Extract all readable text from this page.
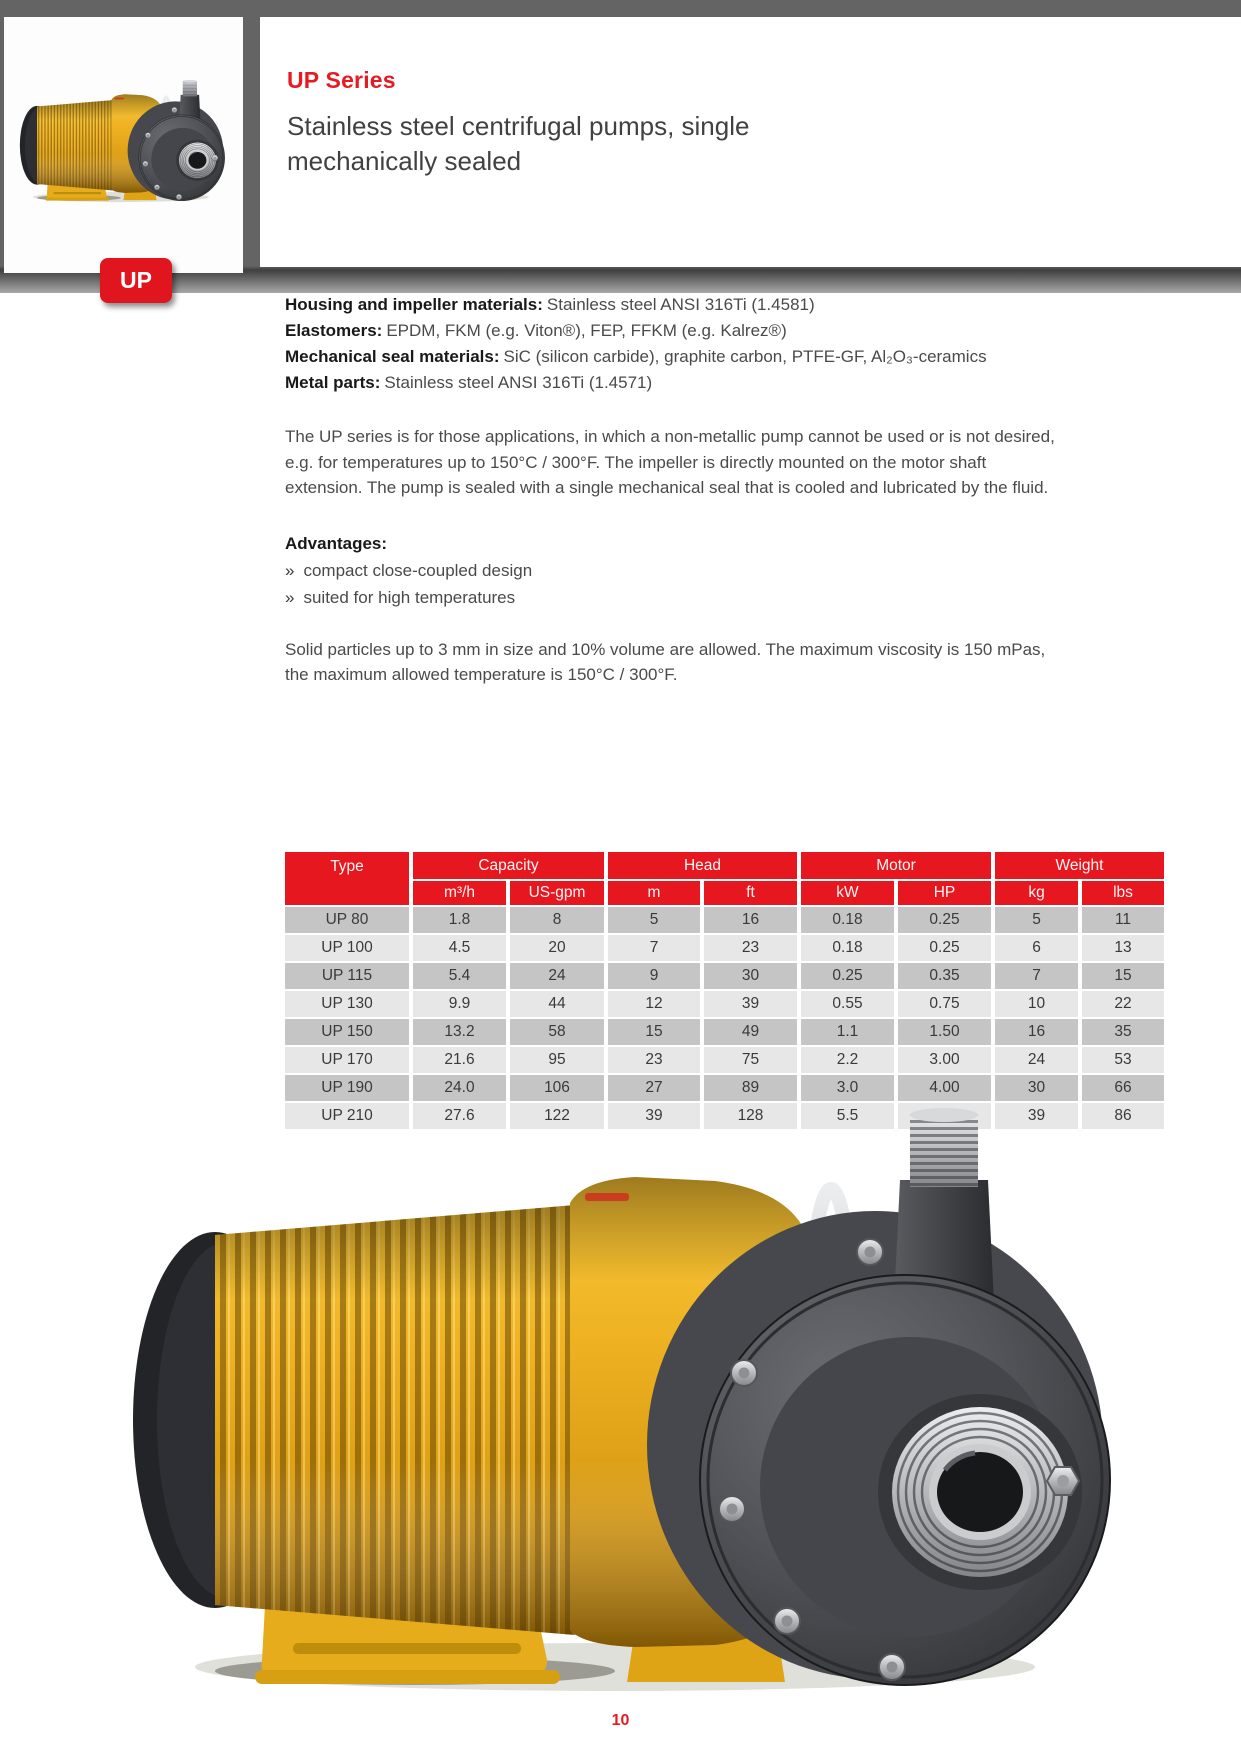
UP Series
Stainless steel centrifugal pumps, single
mechanically sealed
UP

Housing and impeller materials: Stainless steel ANSI 316Ti (1.4581)

Elastomers: EPDM, FKM (e.g. Viton®), FEP, FFKM (e.g. Kalrez®)

Mechanical seal materials: SiC (silicon carbide), graphite carbon, PTFE-GF, Al₂O₃-ceramics

Metal parts: Stainless steel ANSI 316Ti (1.4571)

The UP series is for those applications, in which a non-metallic pump cannot be used or is not desired, e.g. for temperatures up to 150°C / 300°F. The impeller is directly mounted on the motor shaft extension. The pump is sealed with a single mechanical seal that is cooled and lubricated by the fluid.

Advantages:

» compact close-coupled design

» suited for high temperatures

Solid particles up to 3 mm in size and 10% volume are allowed. The maximum viscosity is 150 mPas, the maximum allowed temperature is 150°C / 300°F.

Type	Capacity		Head		Motor		Weight	
	m³/h	US-gpm	m	ft	kW	HP	kg	lbs
UP 80	1.8	8	5	16	0.18	0.25	5	11
UP 100	4.5	20	7	23	0.18	0.25	6	13
UP 115	5.4	24	9	30	0.25	0.35	7	15
UP 130	9.9	44	12	39	0.55	0.75	10	22
UP 150	13.2	58	15	49	1.1	1.50	16	35
UP 170	21.6	95	23	75	2.2	3.00	24	53
UP 190	24.0	106	27	89	3.0	4.00	30	66
UP 210	27.6	122	39	128	5.5		39	86
10
